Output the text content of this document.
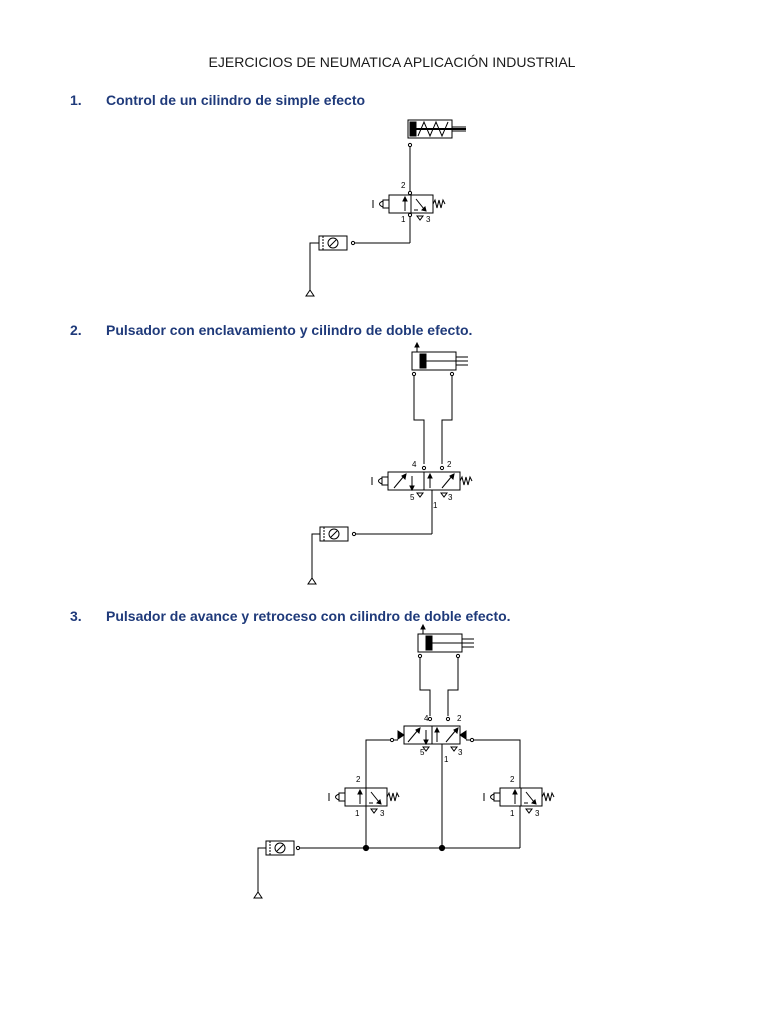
EJERCICIOS DE NEUMATICA APLICACIÓN INDUSTRIAL
1. Control de un cilindro de simple efecto
2. Pulsador con enclavamiento y cilindro de doble efecto.
3. Pulsador de avance y retroceso con cilindro de doble efecto.
2
1	3
4	2
5	3
1
4	2
5	3
1
2
1	3
2
1	3
